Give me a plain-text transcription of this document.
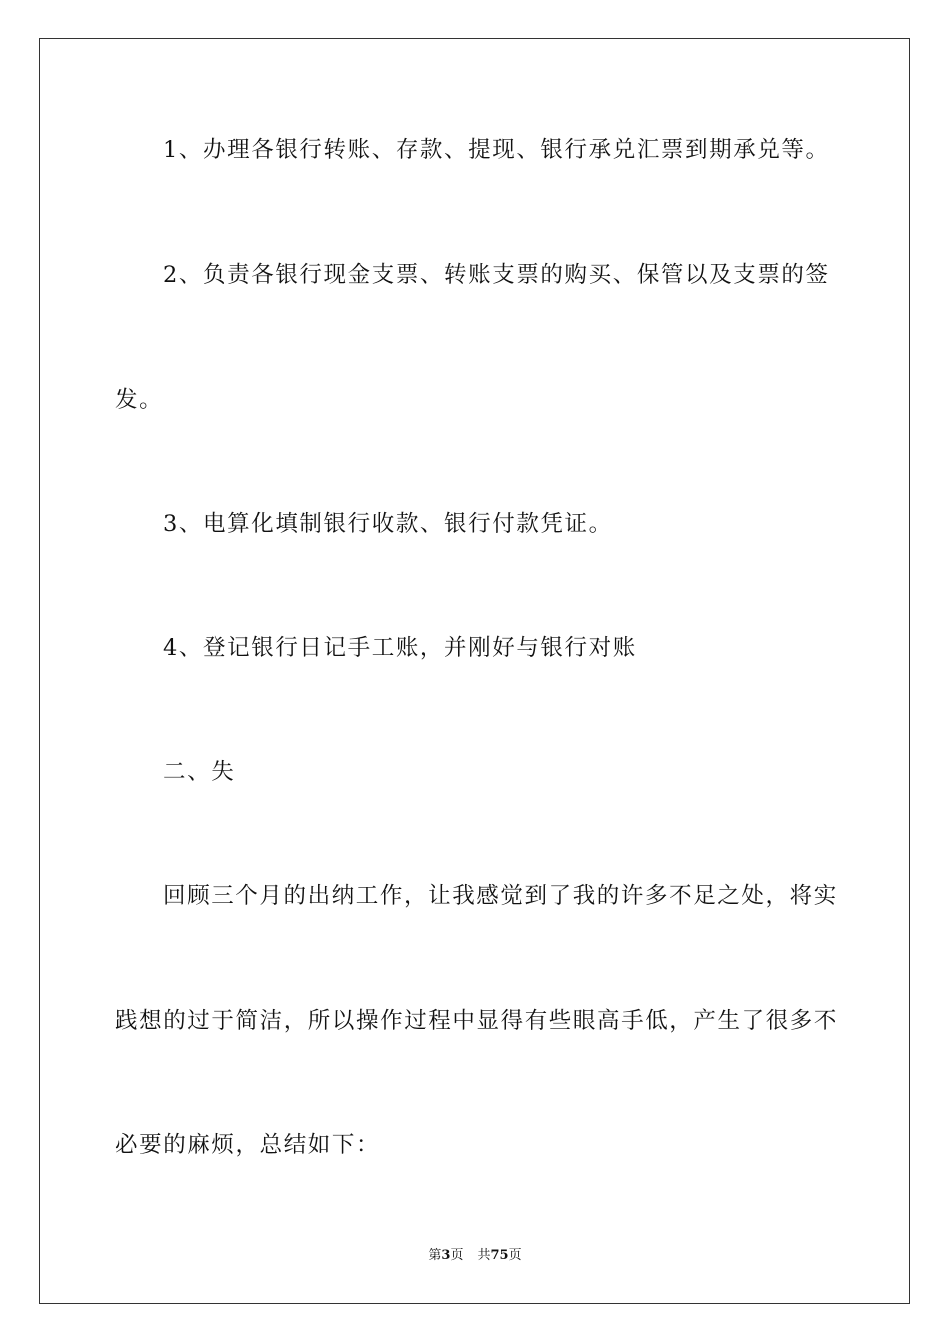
1、办理各银行转账、存款、提现、银行承兑汇票到期承兑等。
2、负责各银行现金支票、转账支票的购买、保管以及支票的签
发。
3、电算化填制银行收款、银行付款凭证。
4、登记银行日记手工账，并刚好与银行对账
二、失
回顾三个月的出纳工作，让我感觉到了我的许多不足之处，将实
践想的过于简洁，所以操作过程中显得有些眼高手低，产生了很多不
必要的麻烦，总结如下：
第3页 共75页
